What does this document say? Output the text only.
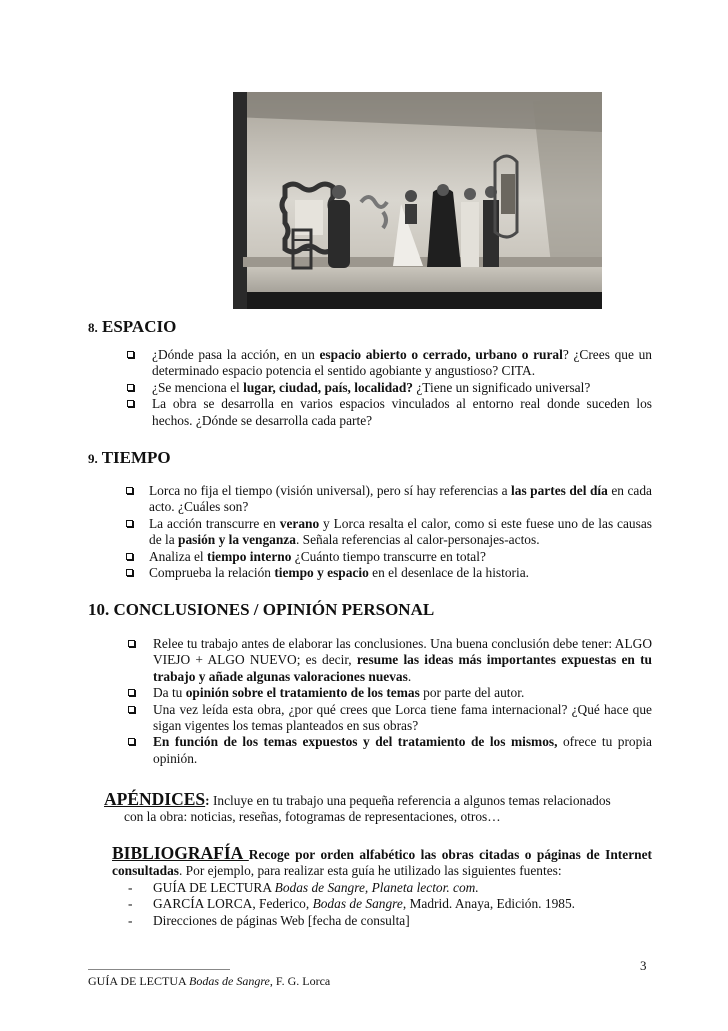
8. ESPACIO
¿Dónde pasa la acción, en un espacio abierto o cerrado, urbano o rural? ¿Crees que un determinado espacio potencia el sentido agobiante y angustioso? CITA.
¿Se menciona el lugar, ciudad, país, localidad? ¿Tiene un significado universal?
La obra se desarrolla en varios espacios vinculados al entorno real donde suceden los hechos. ¿Dónde se desarrolla cada parte?
9. TIEMPO
Lorca no fija el tiempo (visión universal), pero sí hay referencias a las partes del día en cada acto. ¿Cuáles son?
La acción transcurre en verano y Lorca resalta el calor, como si este fuese uno de las causas de la pasión y la venganza. Señala referencias al calor-personajes-actos.
Analiza el tiempo interno ¿Cuánto tiempo transcurre en total?
Comprueba la relación tiempo y espacio en el desenlace de la historia.
10. CONCLUSIONES / OPINIÓN PERSONAL
Relee tu trabajo antes de elaborar las conclusiones. Una buena conclusión debe tener: ALGO VIEJO + ALGO NUEVO; es decir, resume las ideas más importantes expuestas en tu trabajo y añade algunas valoraciones nuevas.
Da tu opinión sobre el tratamiento de los temas por parte del autor.
Una vez leída esta obra, ¿por qué crees que Lorca tiene fama internacional? ¿Qué hace que sigan vigentes los temas planteados en sus obras?
En función de los temas expuestos y del tratamiento de los mismos, ofrece tu propia opinión.
APÉNDICES: Incluye en tu trabajo una pequeña referencia a algunos temas relacionados
con la obra: noticias, reseñas, fotogramas de representaciones, otros…
BIBLIOGRAFÍA Recoge por orden alfabético las obras citadas o páginas de Internet consultadas. Por ejemplo, para realizar esta guía he utilizado las siguientes fuentes:
- GUÍA DE LECTURA Bodas de Sangre, Planeta lector. com.
- GARCÍA LORCA, Federico, Bodas de Sangre, Madrid. Anaya, Edición. 1985.
- Direcciones de páginas Web [fecha de consulta]
3
GUÍA DE LECTUA Bodas de Sangre, F. G. Lorca
